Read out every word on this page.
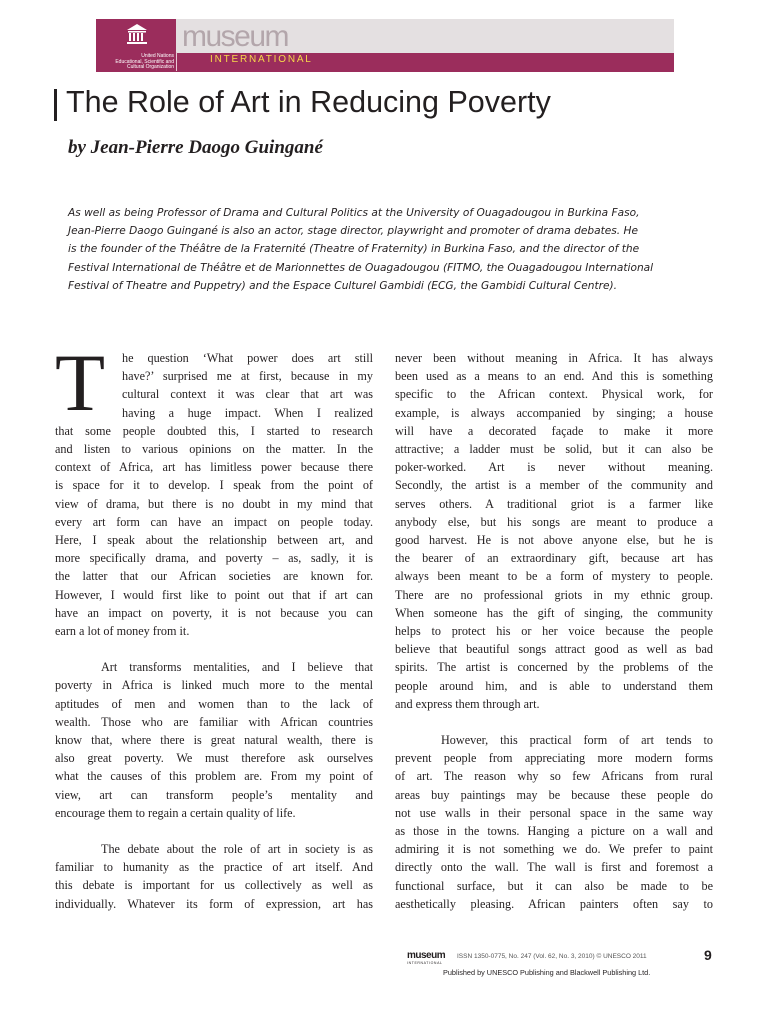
United Nations
Educational, Scientific and
Cultural Organization
museum
INTERNATIONAL
The Role of Art in Reducing Poverty
by Jean-Pierre Daogo Guingané
As well as being Professor of Drama and Cultural Politics at the University of Ouagadougou in Burkina Faso,
Jean-Pierre Daogo Guingané is also an actor, stage director, playwright and promoter of drama debates. He
is the founder of the Théâtre de la Fraternité (Theatre of Fraternity) in Burkina Faso, and the director of the
Festival International de Théâtre et de Marionnettes de Ouagadougou (FITMO, the Ouagadougou International
Festival of Theatre and Puppetry) and the Espace Culturel Gambidi (ECG, the Gambidi Cultural Centre).
T	he question ‘What power does art still
have?’ surprised me at first, because in my
cultural context it was clear that art was
having a huge impact. When I realized
that some people doubted this, I started to research
and listen to various opinions on the matter. In the
context of Africa, art has limitless power because there
is space for it to develop. I speak from the point of
view of drama, but there is no doubt in my mind that
every art form can have an impact on people today.
Here, I speak about the relationship between art, and
more specifically drama, and poverty – as, sadly, it is
the latter that our African societies are known for.
However, I would first like to point out that if art can
have an impact on poverty, it is not because you can
earn a lot of money from it.
Art transforms mentalities, and I believe that
poverty in Africa is linked much more to the mental
aptitudes of men and women than to the lack of
wealth. Those who are familiar with African countries
know that, where there is great natural wealth, there is
also great poverty. We must therefore ask ourselves
what the causes of this problem are. From my point of
view, art can transform people’s mentality and
encourage them to regain a certain quality of life.
The debate about the role of art in society is as
familiar to humanity as the practice of art itself. And
this debate is important for us collectively as well as
individually. Whatever its form of expression, art has
never been without meaning in Africa. It has always
been used as a means to an end. And this is something
specific to the African context. Physical work, for
example, is always accompanied by singing; a house
will have a decorated façade to make it more
attractive; a ladder must be solid, but it can also be
poker-worked. Art is never without meaning.
Secondly, the artist is a member of the community and
serves others. A traditional griot is a farmer like
anybody else, but his songs are meant to produce a
good harvest. He is not above anyone else, but he is
the bearer of an extraordinary gift, because art has
always been meant to be a form of mystery to people.
There are no professional griots in my ethnic group.
When someone has the gift of singing, the community
helps to protect his or her voice because the people
believe that beautiful songs attract good as well as bad
spirits. The artist is concerned by the problems of the
people around him, and is able to understand them
and express them through art.
However, this practical form of art tends to
prevent people from appreciating more modern forms
of art. The reason why so few Africans from rural
areas buy paintings may be because these people do
not use walls in their personal space in the same way
as those in the towns. Hanging a picture on a wall and
admiring it is not something we do. We prefer to paint
directly onto the wall. The wall is first and foremost a
functional surface, but it can also be made to be
aesthetically pleasing. African painters often say to
museum
INTERNATIONAL
ISSN 1350-0775, No. 247 (Vol. 62, No. 3, 2010) © UNESCO 2011	9
Published by UNESCO Publishing and Blackwell Publishing Ltd.
